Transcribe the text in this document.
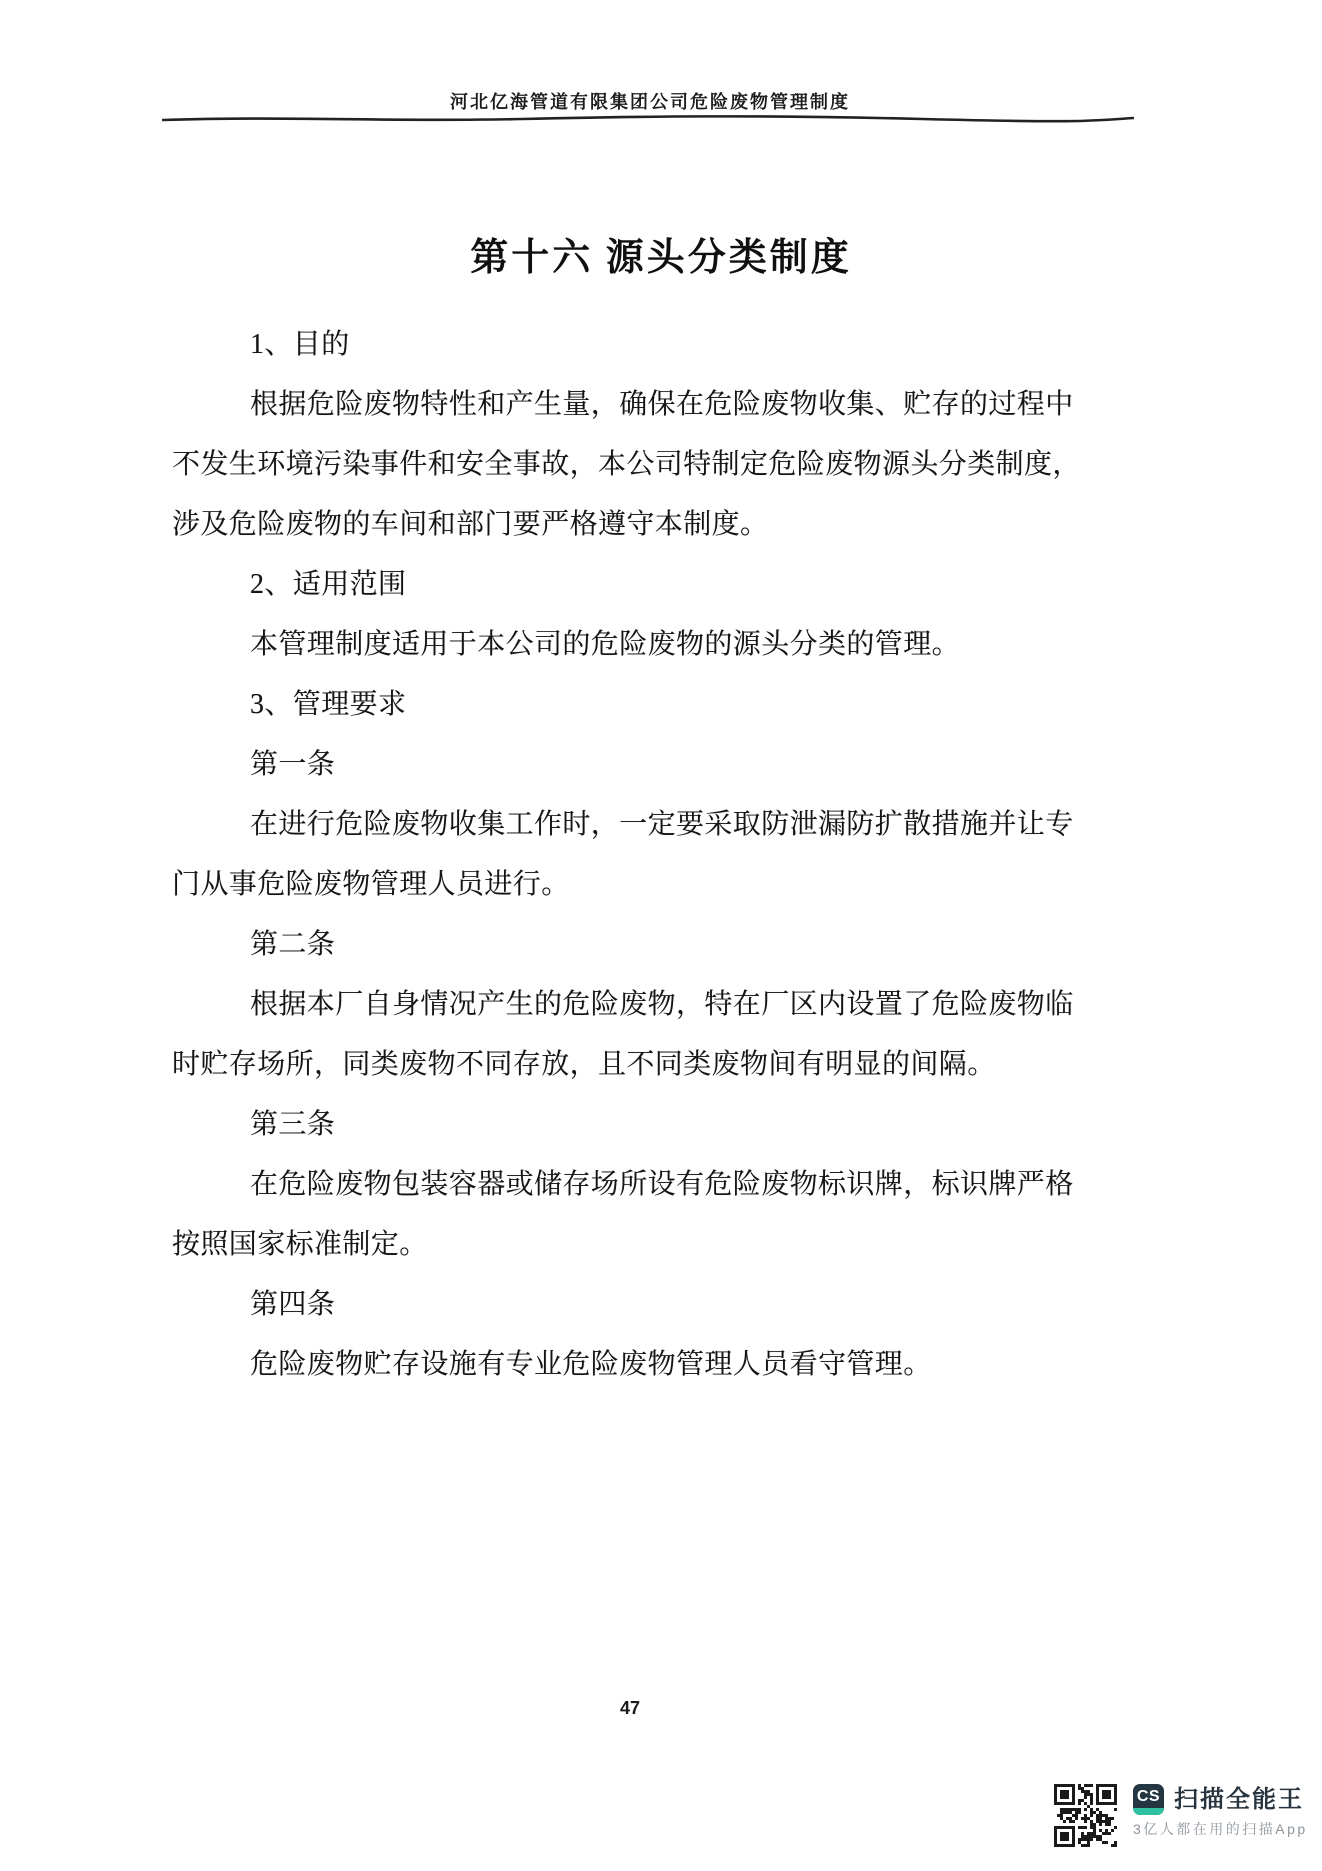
河北亿海管道有限集团公司危险废物管理制度
第十六 源头分类制度
1、目的
根据危险废物特性和产生量，确保在危险废物收集、贮存的过程中
不发生环境污染事件和安全事故，本公司特制定危险废物源头分类制度，
涉及危险废物的车间和部门要严格遵守本制度。
2、适用范围
本管理制度适用于本公司的危险废物的源头分类的管理。
3、管理要求
第一条
在进行危险废物收集工作时，一定要采取防泄漏防扩散措施并让专
门从事危险废物管理人员进行。
第二条
根据本厂自身情况产生的危险废物，特在厂区内设置了危险废物临
时贮存场所，同类废物不同存放，且不同类废物间有明显的间隔。
第三条
在危险废物包装容器或储存场所设有危险废物标识牌，标识牌严格
按照国家标准制定。
第四条
危险废物贮存设施有专业危险废物管理人员看守管理。
47
CS 扫描全能王
3亿人都在用的扫描App
